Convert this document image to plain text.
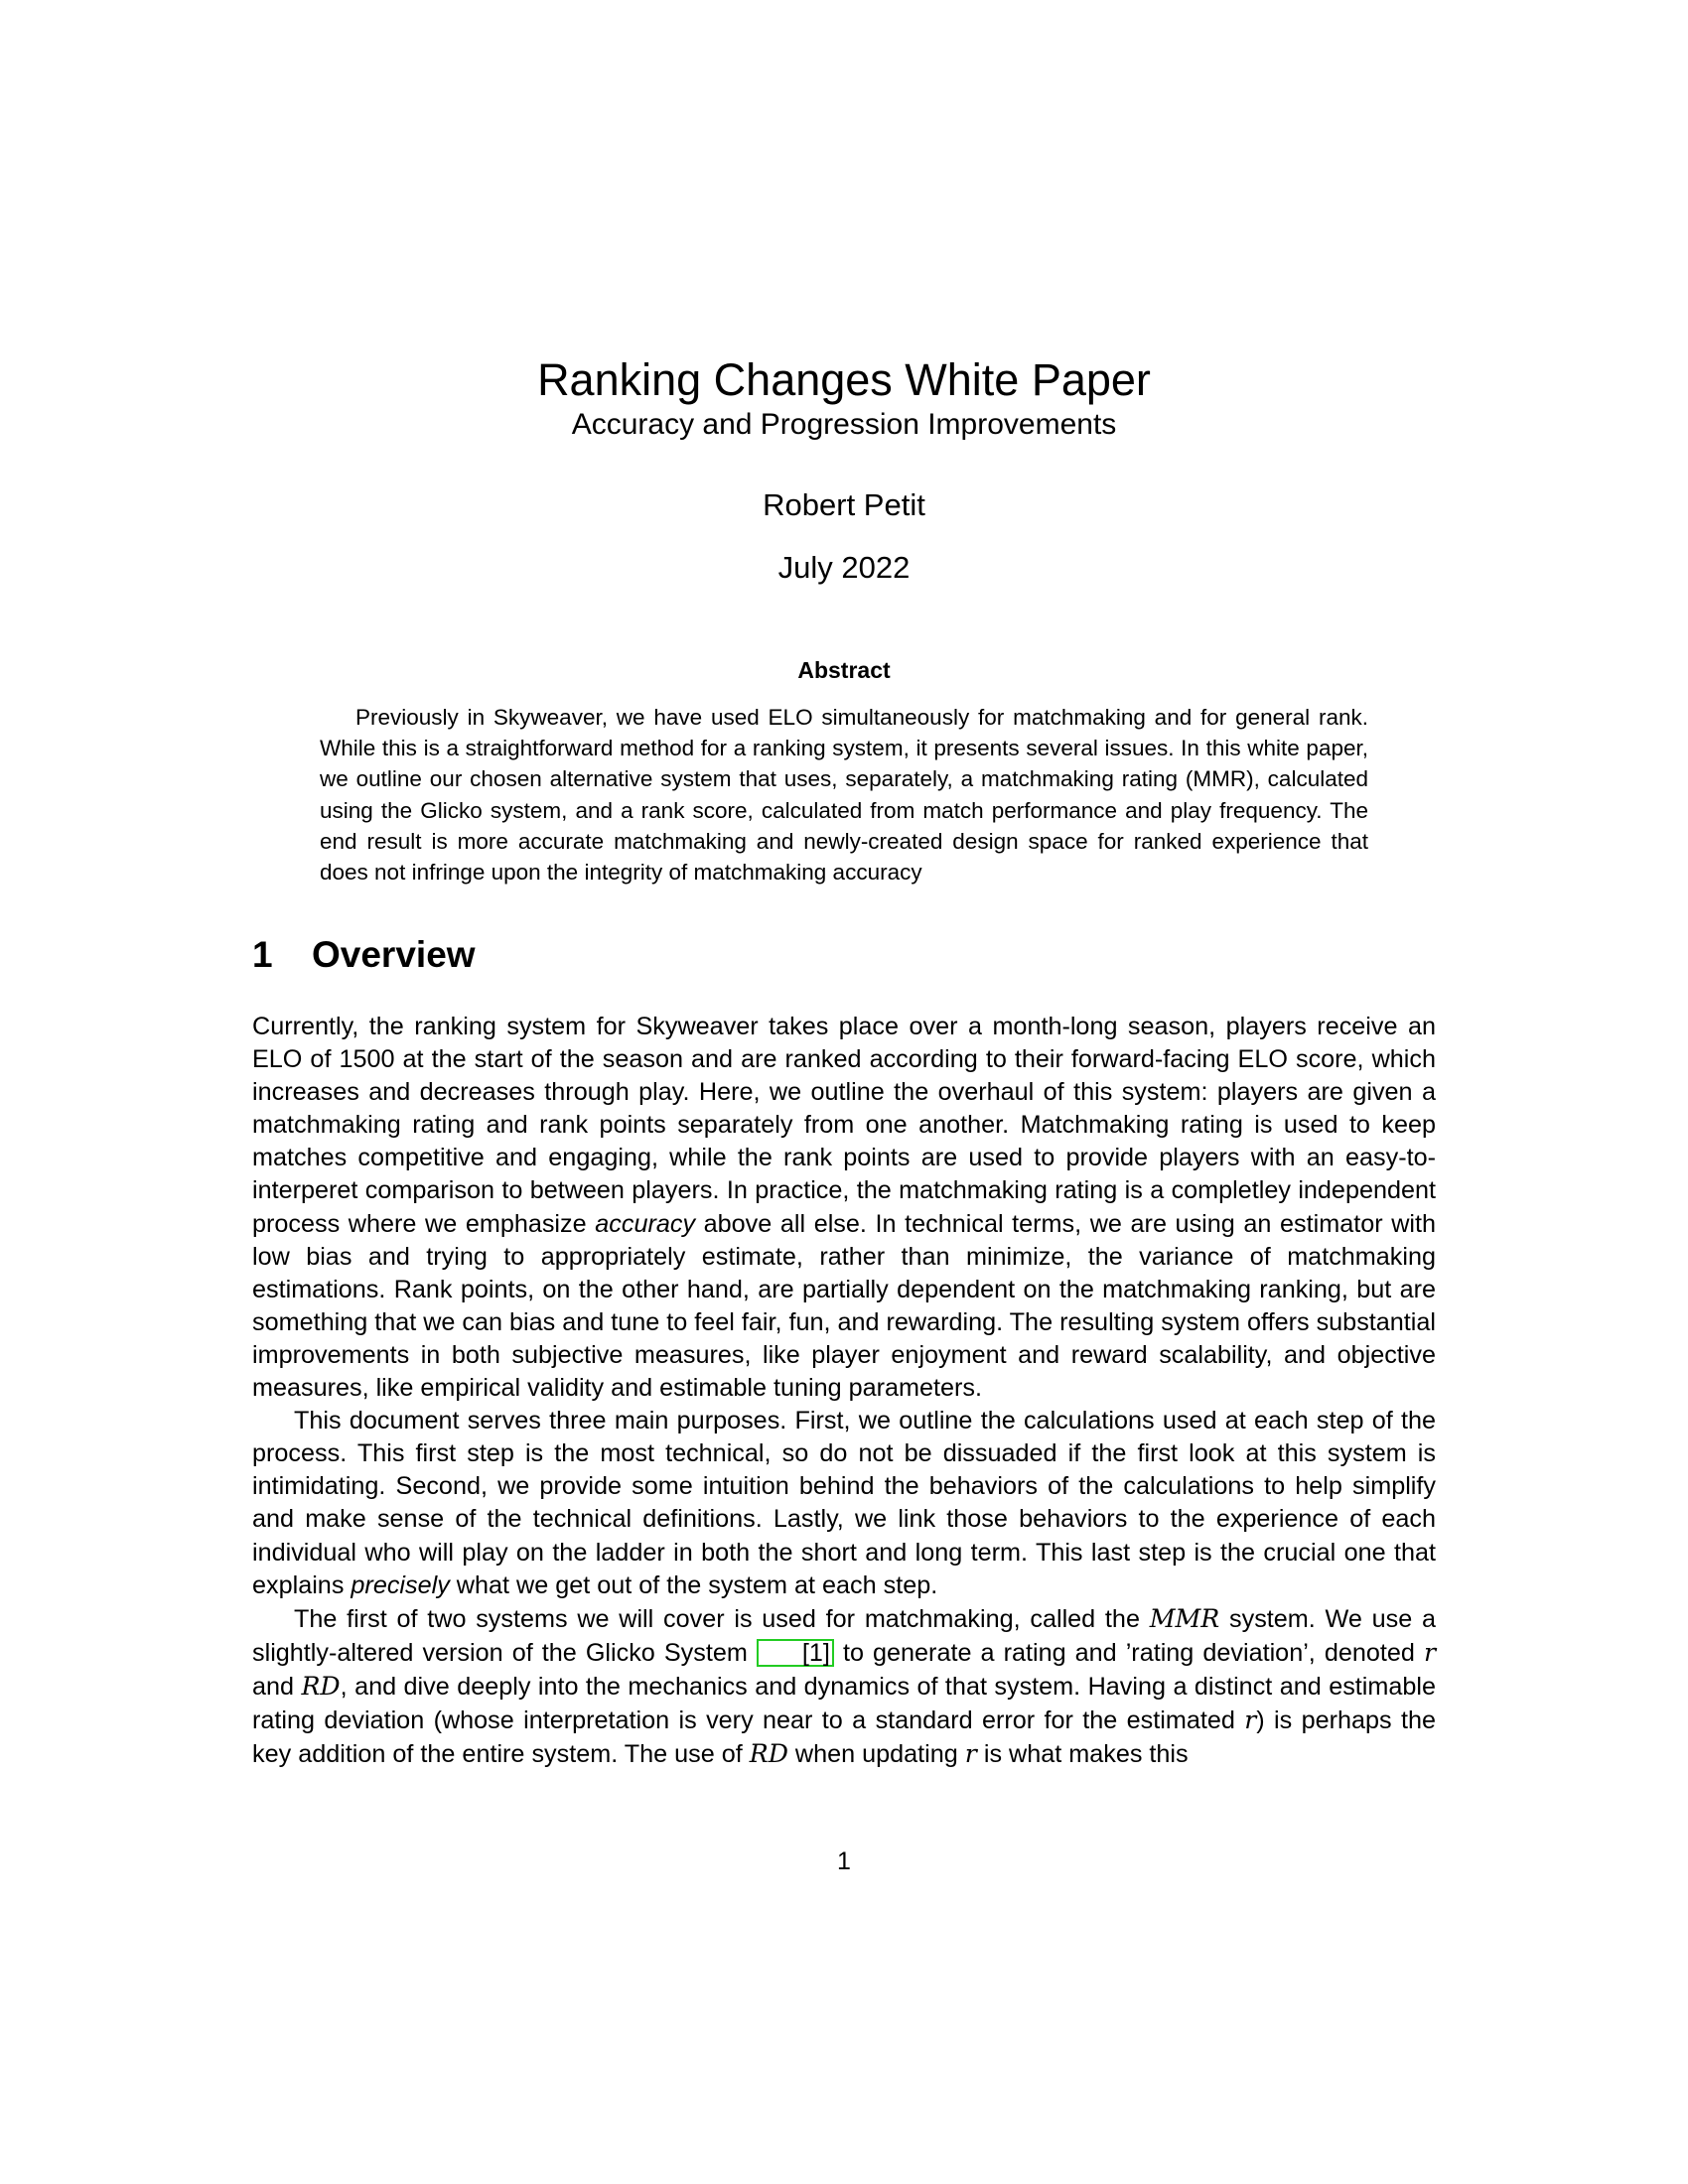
Ranking Changes White Paper
Accuracy and Progression Improvements
Robert Petit
July 2022
Abstract

Previously in Skyweaver, we have used ELO simultaneously for matchmaking and for general rank. While this is a straightforward method for a ranking system, it presents several issues. In this white paper, we outline our chosen alternative system that uses, separately, a matchmaking rating (MMR), calculated using the Glicko system, and a rank score, calculated from match performance and play frequency. The end result is more accurate matchmaking and newly-created design space for ranked experience that does not infringe upon the integrity of matchmaking accuracy

1 Overview

Currently, the ranking system for Skyweaver takes place over a month-long season, players receive an ELO of 1500 at the start of the season and are ranked according to their forward-facing ELO score, which increases and decreases through play. Here, we outline the overhaul of this system: players are given a matchmaking rating and rank points separately from one another. Matchmaking rating is used to keep matches competitive and engaging, while the rank points are used to provide players with an easy-to-interperet comparison to between players. In practice, the matchmaking rating is a completley independent process where we emphasize accuracy above all else. In technical terms, we are using an estimator with low bias and trying to appropriately estimate, rather than minimize, the variance of matchmaking estimations. Rank points, on the other hand, are partially dependent on the matchmaking ranking, but are something that we can bias and tune to feel fair, fun, and rewarding. The resulting system offers substantial improvements in both subjective measures, like player enjoyment and reward scalability, and objective measures, like empirical validity and estimable tuning parameters.

This document serves three main purposes. First, we outline the calculations used at each step of the process. This first step is the most technical, so do not be dissuaded if the first look at this system is intimidating. Second, we provide some intuition behind the behaviors of the calculations to help simplify and make sense of the technical definitions. Lastly, we link those behaviors to the experience of each individual who will play on the ladder in both the short and long term. This last step is the crucial one that explains precisely what we get out of the system at each step.

The first of two systems we will cover is used for matchmaking, called the MMR system. We use a slightly-altered version of the Glicko System [1] to generate a rating and ’rating deviation’, denoted r and RD, and dive deeply into the mechanics and dynamics of that system. Having a distinct and estimable rating deviation (whose interpretation is very near to a standard error for the estimated r) is perhaps the key addition of the entire system. The use of RD when updating r is what makes this

1
